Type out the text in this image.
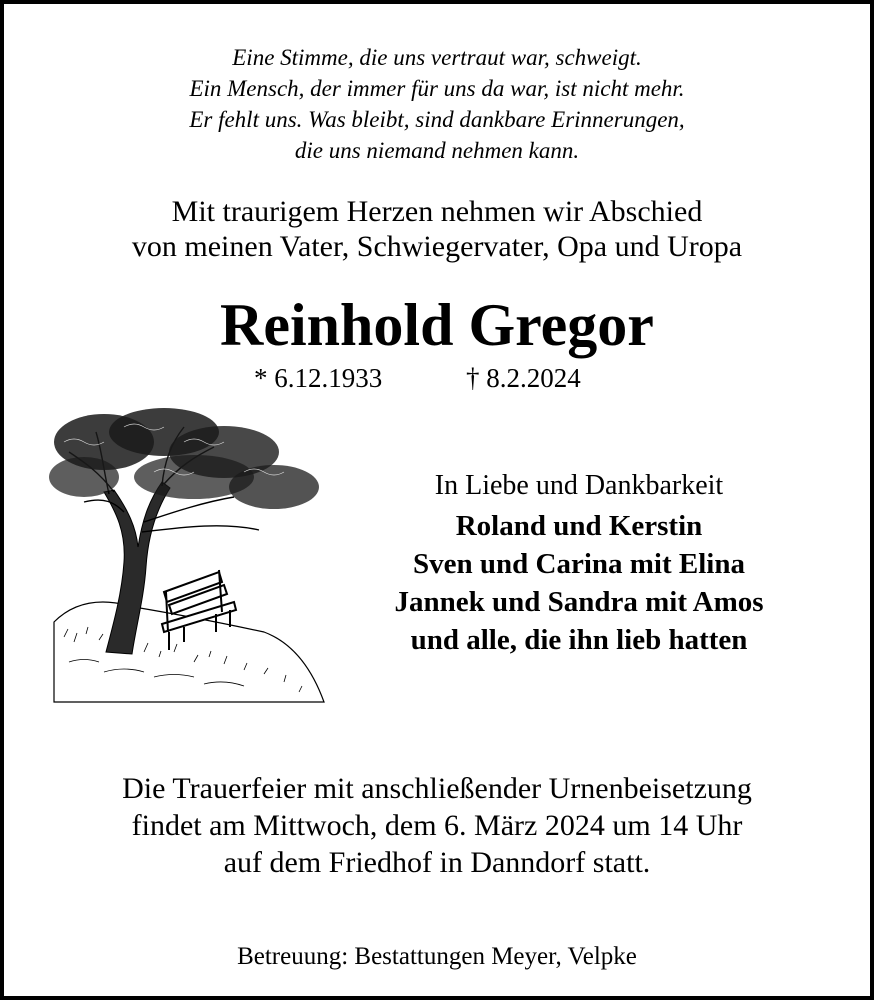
Eine Stimme, die uns vertraut war, schweigt.
Ein Mensch, der immer für uns da war, ist nicht mehr.
Er fehlt uns. Was bleibt, sind dankbare Erinnerungen,
die uns niemand nehmen kann.
Mit traurigem Herzen nehmen wir Abschied
von meinen Vater, Schwiegervater, Opa und Uropa
Reinhold Gregor
* 6.12.1933	† 8.2.2024
In Liebe und Dankbarkeit
Roland und Kerstin
Sven und Carina mit Elina
Jannek und Sandra mit Amos
und alle, die ihn lieb hatten
Die Trauerfeier mit anschließender Urnenbeisetzung
findet am Mittwoch, dem 6. März 2024 um 14 Uhr
auf dem Friedhof in Danndorf statt.
Betreuung: Bestattungen Meyer, Velpke
